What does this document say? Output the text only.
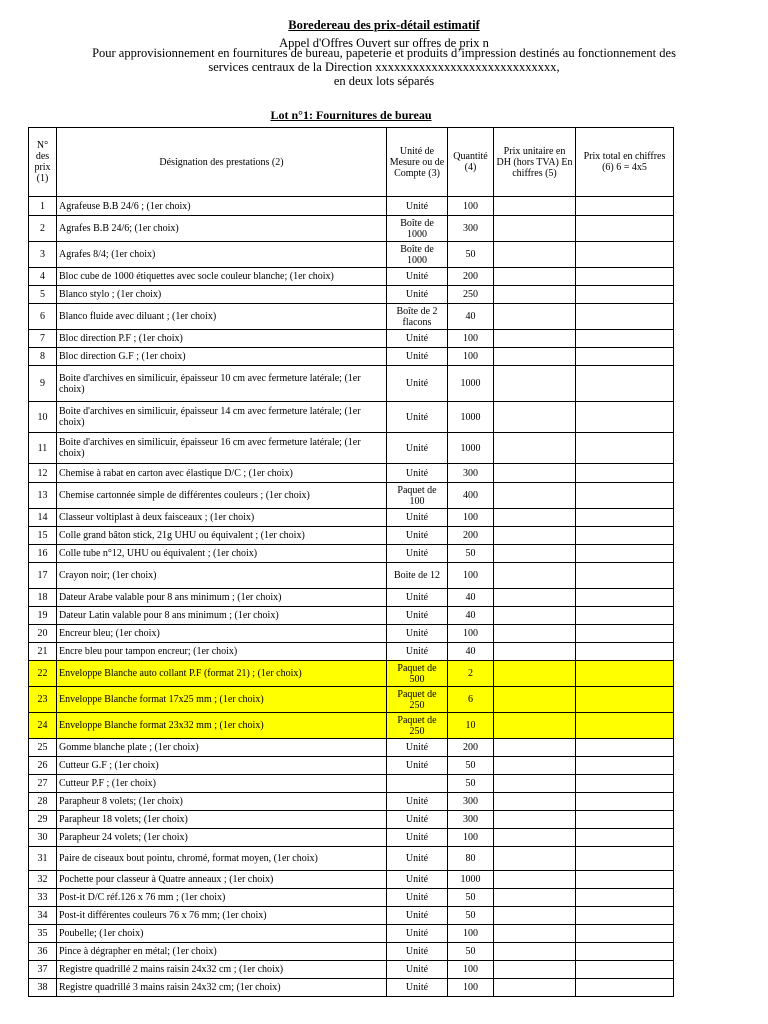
Boredereau des prix-détail estimatif
Appel d'Offres Ouvert sur offres de prix n
Pour approvisionnement en fournitures de bureau, papeterie et produits d’impression destinés au fonctionnement des
services centraux de la Direction xxxxxxxxxxxxxxxxxxxxxxxxxxxxx,
en deux lots séparés
Lot n°1: Fournitures de bureau
N° des prix (1)	Désignation des prestations (2)	Unité de Mesure ou de Compte (3)	Quantité (4)	Prix unitaire en DH (hors TVA) En chiffres (5)	Prix total en chiffres (6) 6 = 4x5
1	Agrafeuse B.B 24/6 ; (1er choix)	Unité	100		
2	Agrafes B.B 24/6; (1er choix)	Boîte de 1000	300		
3	Agrafes 8/4; (1er choix)	Boîte de 1000	50		
4	Bloc cube de 1000 étiquettes avec socle couleur blanche; (1er choix)	Unité	200		
5	Blanco stylo ; (1er choix)	Unité	250		
6	Blanco fluide avec diluant ; (1er choix)	Boîte de 2 flacons	40		
7	Bloc direction P.F ; (1er choix)	Unité	100		
8	Bloc direction G.F ; (1er choix)	Unité	100		
9	Boite d'archives en similicuir, épaisseur 10 cm avec fermeture latérale; (1er choix)	Unité	1000		
10	Boite d'archives en similicuir, épaisseur 14 cm avec fermeture latérale; (1er choix)	Unité	1000		
11	Boite d'archives en similicuir, épaisseur 16 cm avec fermeture latérale; (1er choix)	Unité	1000		
12	Chemise à rabat en carton avec élastique D/C ; (1er choix)	Unité	300		
13	Chemise cartonnée simple de différentes couleurs ; (1er choix)	Paquet de 100	400		
14	Classeur voltiplast à deux faisceaux ; (1er choix)	Unité	100		
15	Colle grand bâton stick, 21g UHU ou équivalent ; (1er choix)	Unité	200		
16	Colle tube n°12, UHU ou équivalent ; (1er choix)	Unité	50		
17	Crayon noir; (1er choix)	Boite de 12	100		
18	Dateur Arabe valable pour 8 ans minimum ; (1er choix)	Unité	40		
19	Dateur Latin valable pour 8 ans minimum ; (1er choix)	Unité	40		
20	Encreur bleu; (1er choix)	Unité	100		
21	Encre bleu pour tampon encreur; (1er choix)	Unité	40		
22	Enveloppe Blanche auto collant P.F (format 21) ; (1er choix)	Paquet de 500	2		
23	Enveloppe Blanche format 17x25 mm ; (1er choix)	Paquet de 250	6		
24	Enveloppe Blanche format 23x32 mm ; (1er choix)	Paquet de 250	10		
25	Gomme blanche plate ; (1er choix)	Unité	200		
26	Cutteur G.F ; (1er choix)	Unité	50		
27	Cutteur P.F ; (1er choix)		50		
28	Parapheur 8 volets; (1er choix)	Unité	300		
29	Parapheur 18 volets; (1er choix)	Unité	300		
30	Parapheur 24 volets; (1er choix)	Unité	100		
31	Paire de ciseaux bout pointu, chromé, format moyen, (1er choix)	Unité	80		
32	Pochette pour classeur à Quatre anneaux ; (1er choix)	Unité	1000		
33	Post-it D/C réf.126 x 76 mm ; (1er choix)	Unité	50		
34	Post-it différentes couleurs 76 x 76 mm; (1er choix)	Unité	50		
35	Poubelle; (1er choix)	Unité	100		
36	Pince à dégrapher en métal; (1er choix)	Unité	50		
37	Registre quadrillé 2 mains raisin 24x32 cm ; (1er choix)	Unité	100		
38	Registre quadrillé 3 mains raisin 24x32 cm; (1er choix)	Unité	100		
